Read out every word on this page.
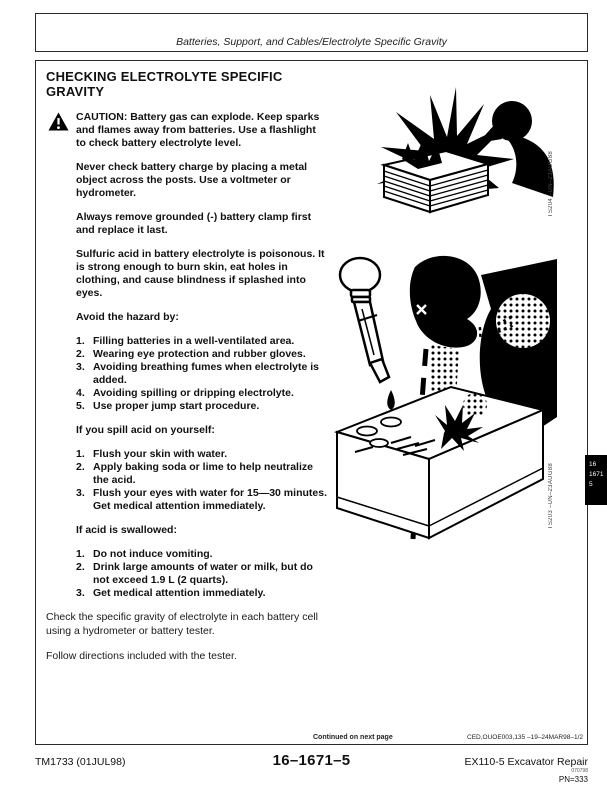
Batteries, Support, and Cables/Electrolyte Specific Gravity
CHECKING ELECTROLYTE SPECIFIC GRAVITY

CAUTION: Battery gas can explode. Keep sparks and flames away from batteries. Use a flashlight to check battery electrolyte level.

Never check battery charge by placing a metal object across the posts. Use a voltmeter or hydrometer.

Always remove grounded (-) battery clamp first and replace it last.

Sulfuric acid in battery electrolyte is poisonous. It is strong enough to burn skin, eat holes in clothing, and cause blindness if splashed into eyes.

Avoid the hazard by:

Filling batteries in a well-ventilated area.
Wearing eye protection and rubber gloves.
Avoiding breathing fumes when electrolyte is added.
Avoiding spilling or dripping electrolyte.
Use proper jump start procedure.

If you spill acid on yourself:

Flush your skin with water.
Apply baking soda or lime to help neutralize the acid.
Flush your eyes with water for 15—30 minutes. Get medical attention immediately.

If acid is swallowed:

Do not induce vomiting.
Drink large amounts of water or milk, but do not exceed 1.9 L (2 quarts).
Get medical attention immediately.

Check the specific gravity of electrolyte in each battery cell using a hydrometer or battery tester.

Follow directions included with the tester.

TS204 –UN–23AUG88
TS203 –UN–23AUG88
Continued on next page	CED,OUOE003,135 –19–24MAR98–1/2
TM1733 (01JUL98)	16–1671–5	EX110-5 Excavator Repair
070798
PN=333
16
1671
5
